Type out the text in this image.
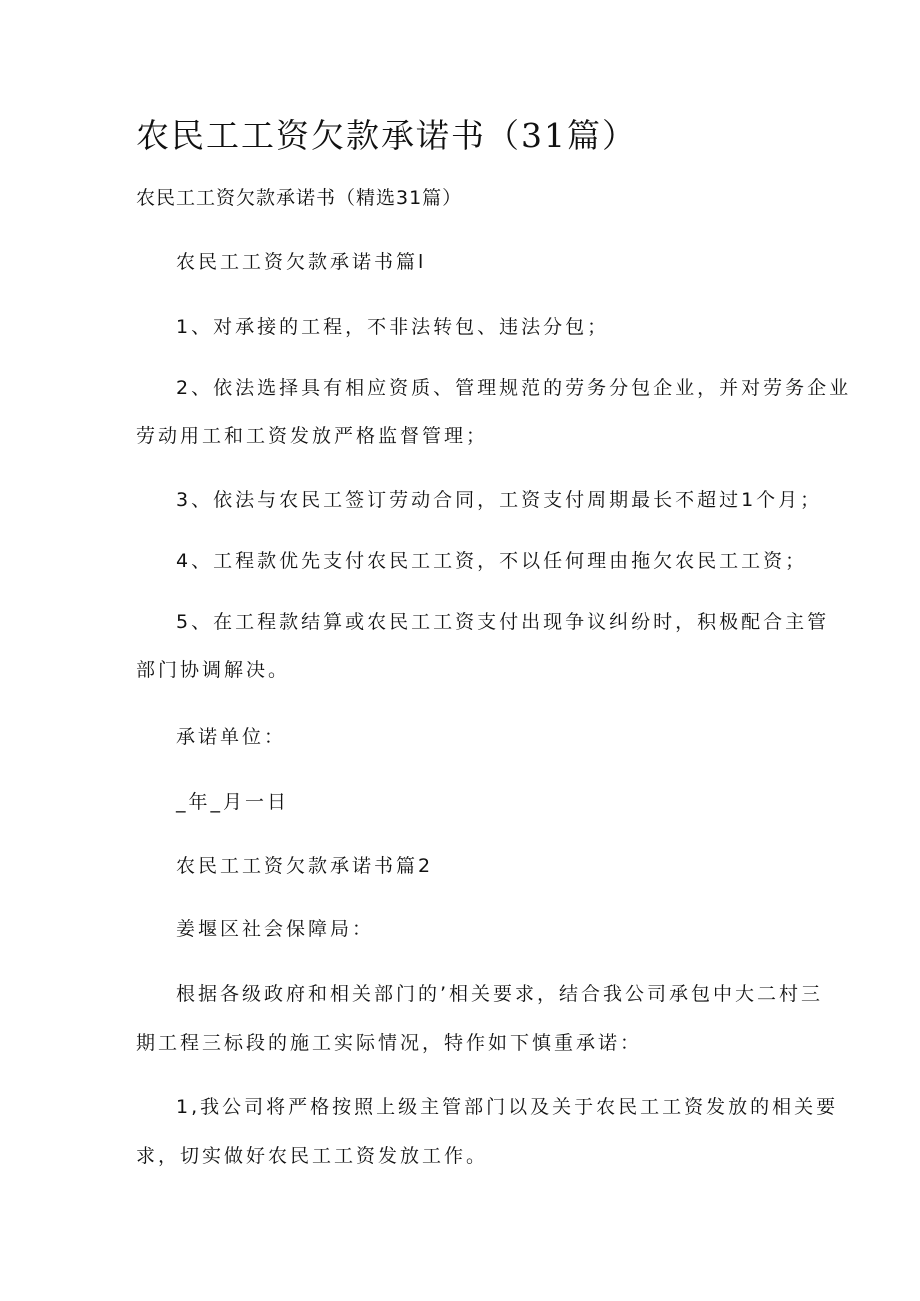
农民工工资欠款承诺书（31篇）

农民工工资欠款承诺书（精选31篇）

农民工工资欠款承诺书篇l

1、对承接的工程，不非法转包、违法分包；

2、依法选择具有相应资质、管理规范的劳务分包企业，并对劳务企业

劳动用工和工资发放严格监督管理；

3、依法与农民工签订劳动合同，工资支付周期最长不超过1个月；

4、工程款优先支付农民工工资，不以任何理由拖欠农民工工资；

5、在工程款结算或农民工工资支付出现争议纠纷时，积极配合主管

部门协调解决。

承诺单位：

_年_月一日

农民工工资欠款承诺书篇2

姜堰区社会保障局：

根据各级政府和相关部门的’相关要求，结合我公司承包中大二村三

期工程三标段的施工实际情况，特作如下慎重承诺：

1,我公司将严格按照上级主管部门以及关于农民工工资发放的相关要

求，切实做好农民工工资发放工作。
